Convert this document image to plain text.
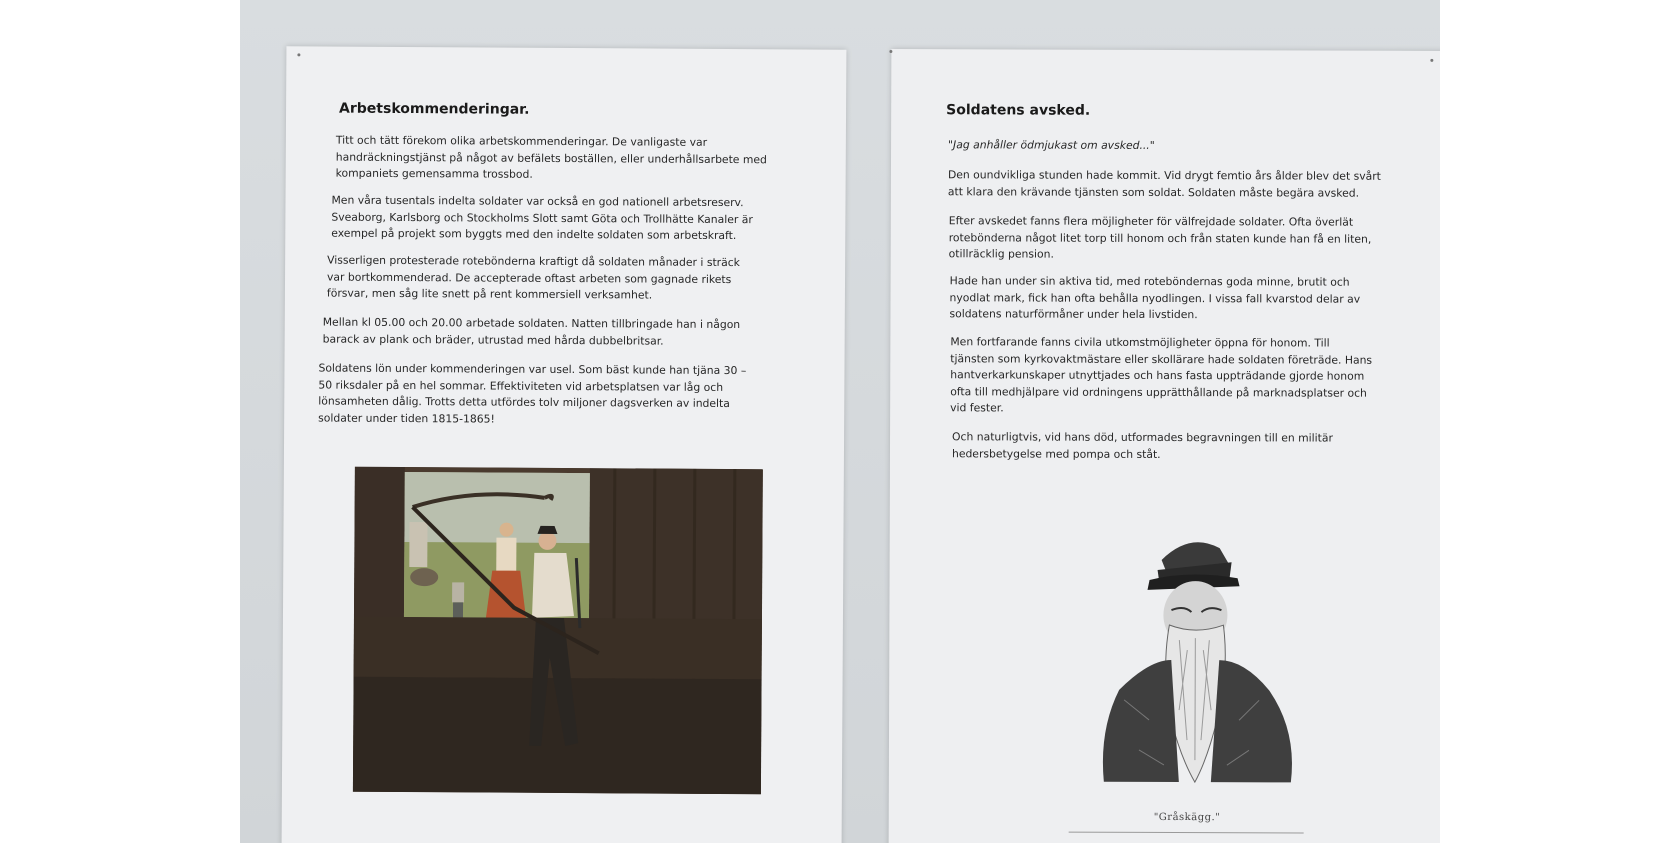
Arbetskommenderingar.

Titt och tätt förekom olika arbetskommenderingar. De vanligaste var
handräckningstjänst på något av befälets boställen, eller underhållsarbete med
kompaniets gemensamma trossbod.

Men våra tusentals indelta soldater var också en god nationell arbetsreserv.
Sveaborg, Karlsborg och Stockholms Slott samt Göta och Trollhätte Kanaler är
exempel på projekt som byggts med den indelte soldaten som arbetskraft.

Visserligen protesterade rotebönderna kraftigt då soldaten månader i sträck
var bortkommenderad. De accepterade oftast arbeten som gagnade rikets
försvar, men såg lite snett på rent kommersiell verksamhet.

Mellan kl 05.00 och 20.00 arbetade soldaten. Natten tillbringade han i någon
barack av plank och bräder, utrustad med hårda dubbelbritsar.

Soldatens lön under kommenderingen var usel. Som bäst kunde han tjäna 30 –
50 riksdaler på en hel sommar. Effektiviteten vid arbetsplatsen var låg och
lönsamheten dålig. Trotts detta utfördes tolv miljoner dagsverken av indelta
soldater under tiden 1815-1865!

Soldatens avsked.

"Jag anhåller ödmjukast om avsked..."

Den oundvikliga stunden hade kommit. Vid drygt femtio års ålder blev det svårt
att klara den krävande tjänsten som soldat. Soldaten måste begära avsked.

Efter avskedet fanns flera möjligheter för välfrejdade soldater. Ofta överlät
rotebönderna något litet torp till honom och från staten kunde han få en liten,
otillräcklig pension.

Hade han under sin aktiva tid, med roteböndernas goda minne, brutit och
nyodlat mark, fick han ofta behålla nyodlingen. I vissa fall kvarstod delar av
soldatens naturförmåner under hela livstiden.

Men fortfarande fanns civila utkomstmöjligheter öppna för honom. Till
tjänsten som kyrkovaktmästare eller skollärare hade soldaten företräde. Hans
hantverkarkunskaper utnyttjades och hans fasta uppträdande gjorde honom
ofta till medhjälpare vid ordningens upprätthållande på marknadsplatser och
vid fester.

Och naturligtvis, vid hans död, utformades begravningen till en militär
hedersbetygelse med pompa och ståt.

"Gråskägg."
